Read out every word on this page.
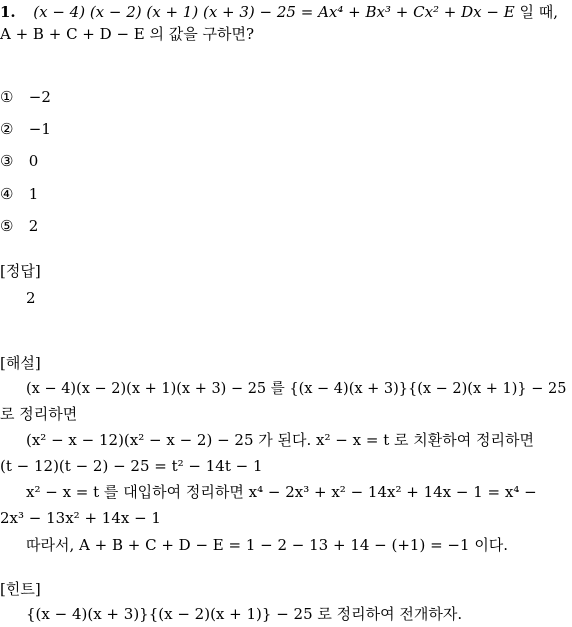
1. (x − 4) (x − 2) (x + 1) (x + 3) − 25 = Ax⁴ + Bx³ + Cx² + Dx − E 일 때,
A + B + C + D − E 의 값을 구하면?
① −2
② −1
③ 0
④ 1
⑤ 2
[정답]
2
[해설]
(x − 4)(x − 2)(x + 1)(x + 3) − 25 를 {(x − 4)(x + 3)}{(x − 2)(x + 1)} − 25
로 정리하면
(x² − x − 12)(x² − x − 2) − 25 가 된다. x² − x = t 로 치환하여 정리하면
(t − 12)(t − 2) − 25 = t² − 14t − 1
x² − x = t 를 대입하여 정리하면 x⁴ − 2x³ + x² − 14x² + 14x − 1 = x⁴ −
2x³ − 13x² + 14x − 1
따라서, A + B + C + D − E = 1 − 2 − 13 + 14 − (+1) = −1 이다.
[힌트]
{(x − 4)(x + 3)}{(x − 2)(x + 1)} − 25 로 정리하여 전개하자.
